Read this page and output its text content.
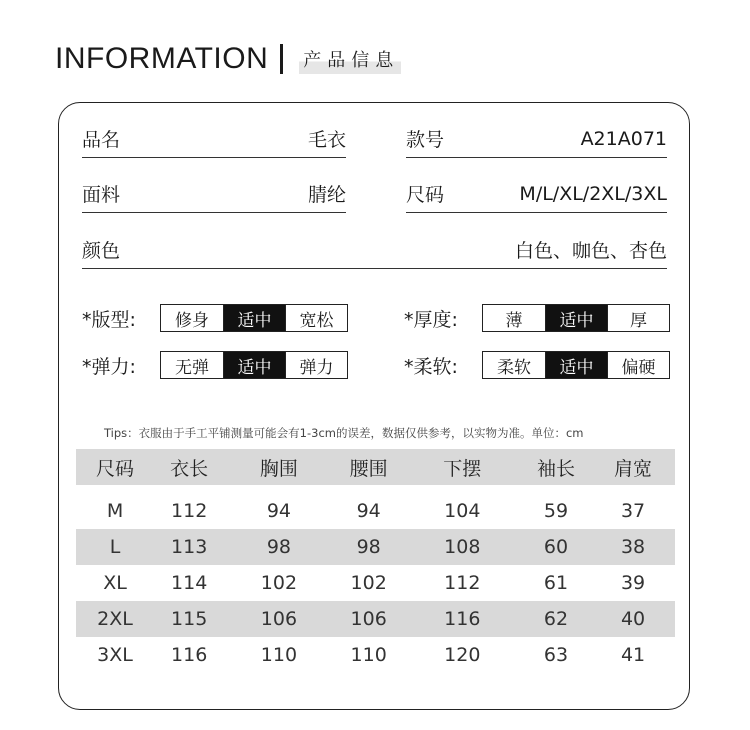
INFORMATION 产品信息
品名	毛衣	款号	A21A071
面料	腈纶	尺码	M/L/XL/2XL/3XL
颜色	白色、咖色、杏色
*版型:	修身	适中	宽松	*厚度:	薄	适中	厚
*弹力:	无弹	适中	弹力	*柔软:	柔软	适中	偏硬
Tips：衣服由于手工平铺测量可能会有1-3cm的误差，数据仅供参考，以实物为准。单位：cm
尺码	衣长	胸围	腰围	下摆	袖长	肩宽
M	112	94	94	104	59	37
L	113	98	98	108	60	38
XL	114	102	102	112	61	39
2XL	115	106	106	116	62	40
3XL	116	110	110	120	63	41
